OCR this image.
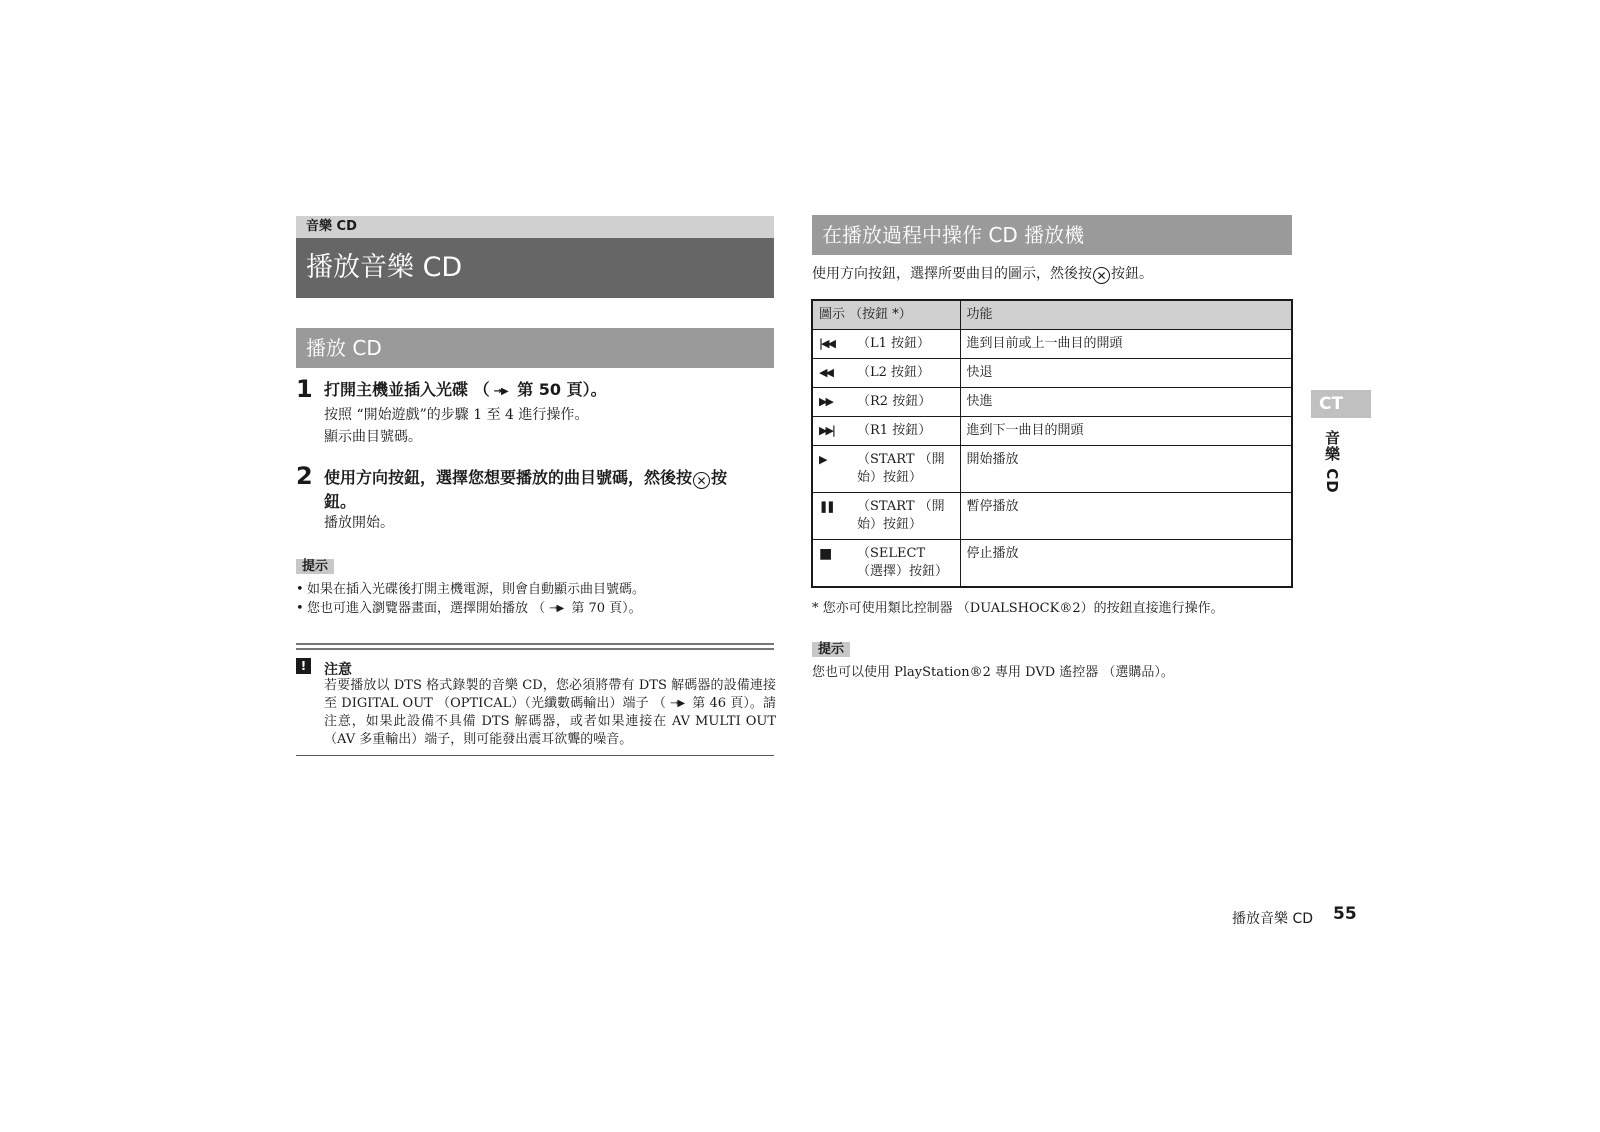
音樂 CD
播放音樂 CD
播放 CD
1 打開主機並插入光碟 （ →▶ 第 50 頁）。
按照 “開始遊戲”的步驟 1 至 4 進行操作。
顯示曲目號碼。
2 使用方向按鈕，選擇您想要播放的曲目號碼，然後按 ✕ 按
鈕。
播放開始。
提示
• 如果在插入光碟後打開主機電源，則會自動顯示曲目號碼。
• 您也可進入瀏覽器畫面，選擇開始播放 （ →▶ 第 70 頁）。
!	注意
若要播放以 DTS 格式錄製的音樂 CD，您必須將帶有 DTS 解碼器的設備連接至 DIGITAL OUT （OPTICAL）（光纖數碼輸出）端子 （ →▶ 第 46 頁）。請注意，如果此設備不具備 DTS 解碼器，或者如果連接在 AV MULTI OUT （AV 多重輸出）端子，則可能發出震耳欲聾的噪音。
在播放過程中操作 CD 播放機
使用方向按鈕，選擇所要曲目的圖示，然後按 ✕ 按鈕。
圖示 （按鈕 *）	功能

|◀◀ （L1 按鈕）	進到目前或上一曲目的開頭

◀◀ （L2 按鈕）	快退

▶▶ （R2 按鈕）	快進

▶▶| （R1 按鈕）	進到下一曲目的開頭

▶ （START （開始）按鈕）	開始播放

❚❚ （START （開始）按鈕）	暫停播放

■ （SELECT （選擇）按鈕）	停止播放
* 您亦可使用類比控制器 （DUALSHOCK®2）的按鈕直接進行操作。
提示
您也可以使用 PlayStation®2 專用 DVD 遙控器 （選購品）。
CT
音樂 CD
播放音樂 CD 55
